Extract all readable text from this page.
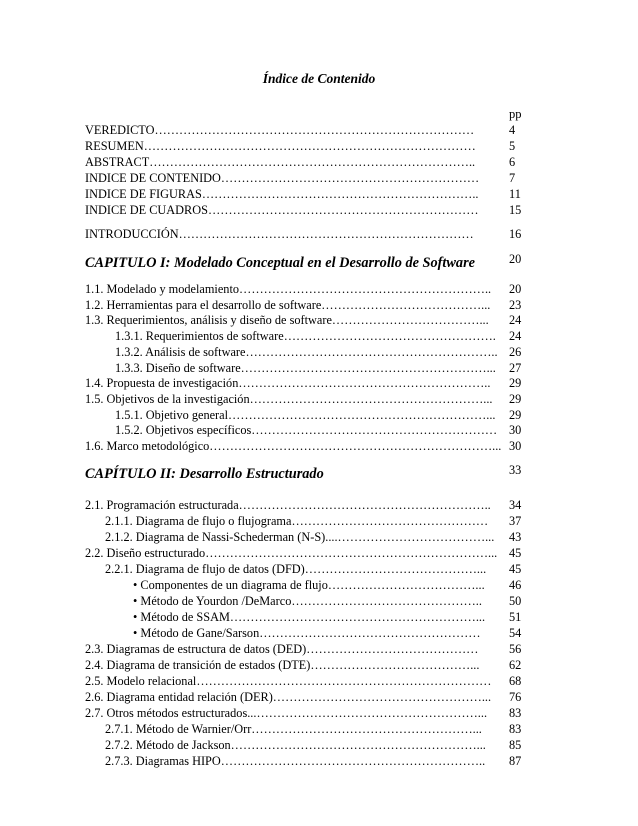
Índice de Contenido
pp
VEREDICTO……………………………………………………………………	4
RESUMEN………………………………………………………………………	5
ABSTRACT……………………………………………………………………..	6
INDICE DE CONTENIDO……………………………………………………… 7
INDICE DE FIGURAS………………………………………………………….. 11
INDICE DE CUADROS………………………………………………………… 15
INTRODUCCIÓN………………………………………………………………	16
CAPITULO I: Modelado Conceptual en el Desarrollo de Software	20
1.1. Modelado y modelamiento…………………………………………………….. 20
1.2. Herramientas para el desarrollo de software…………………………………... 23
1.3. Requerimientos, análisis y diseño de software………………………………... 24
1.3.1. Requerimientos de software……………………………………………. 24
1.3.2. Análisis de software…………………………………………………….. 26
1.3.3. Diseño de software……………………………………………………... 27
1.4. Propuesta de investigación…………………………………………………….. 29
1.5. Objetivos de la investigación…………………………………………………... 29
1.5.1. Objetivo general………………………………………………………... 29
1.5.2. Objetivos específicos…………………………………………………… 30
1.6. Marco metodológico……………………………………………………………... 30
CAPÍTULO II: Desarrollo Estructurado	33
2.1. Programación estructurada…………………………………………………….. 34
2.1.1. Diagrama de flujo o flujograma………………………………………… 37
2.1.2. Diagrama de Nassi-Schederman (N-S)....………………………………... 43
2.2. Diseño estructurado……………………………………………………………... 45
2.2.1. Diagrama de flujo de datos (DFD)……………………………………... 45
• Componentes de un diagrama de flujo………………………………... 46
• Método de Yourdon /DeMarco……………………………………….. 50
• Método de SSAM……………………………………………………... 51
• Método de Gane/Sarson……………………………………………… 54
2.3. Diagramas de estructura de datos (DED)…………………………………… 56
2.4. Diagrama de transición de estados (DTE)…………………………………... 62
2.5. Modelo relacional……………………………………………………………… 68
2.6. Diagrama entidad relación (DER)……………………………………………... 76
2.7. Otros métodos estructurados...………………………………………………... 83
2.7.1. Método de Warnier/Orr………………………………………………... 83
2.7.2. Método de Jackson……………………………………………………... 85
2.7.3. Diagramas HIPO……………………………………………………….. 87
